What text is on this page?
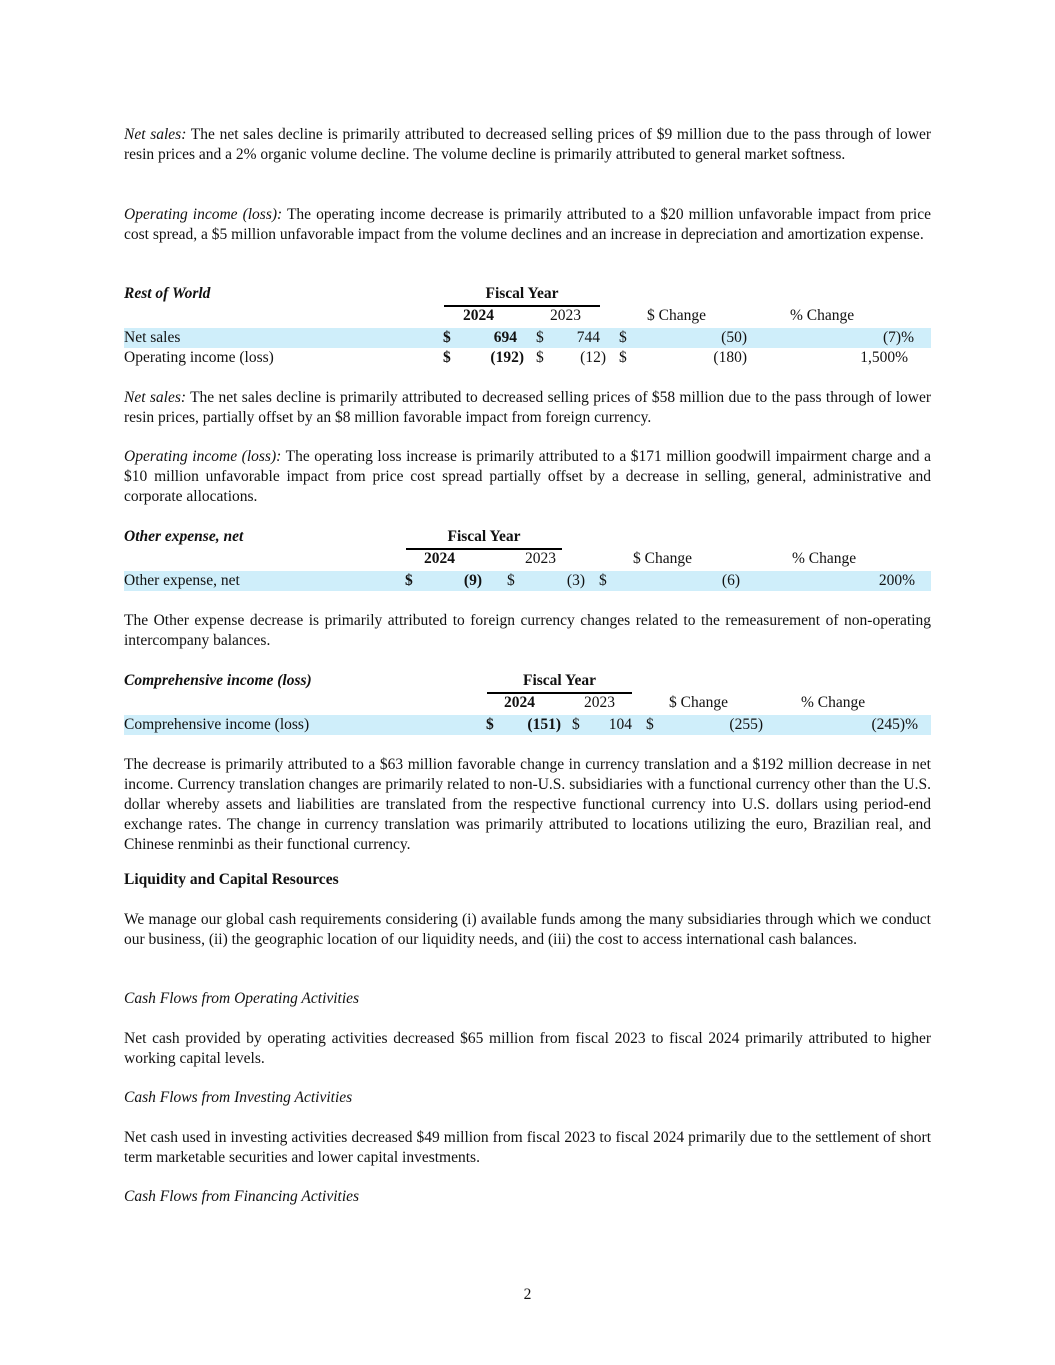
Net sales: The net sales decline is primarily attributed to decreased selling prices of $9 million due to the pass through of lower resin prices and a 2% organic volume decline. The volume decline is primarily attributed to general market softness.
Operating income (loss): The operating income decrease is primarily attributed to a $20 million unfavorable impact from price cost spread, a $5 million unfavorable impact from the volume declines and an increase in depreciation and amortization expense.
Rest of World	Fiscal Year
2024	2023	$ Change	% Change
Net sales	$	694 $	744 $	(50)	(7)%
Operating income (loss)	$	(192) $	(12) $	(180)	1,500%
Net sales: The net sales decline is primarily attributed to decreased selling prices of $58 million due to the pass through of lower resin prices, partially offset by an $8 million favorable impact from foreign currency.
Operating income (loss): The operating loss increase is primarily attributed to a $171 million goodwill impairment charge and a $10 million unfavorable impact from price cost spread partially offset by a decrease in selling, general, administrative and corporate allocations.
Other expense, net	Fiscal Year
2024	2023	$ Change	% Change
Other expense, net	$	(9) $	(3) $	(6)	200%
The Other expense decrease is primarily attributed to foreign currency changes related to the remeasurement of non-operating intercompany balances.
Comprehensive income (loss)	Fiscal Year
2024	2023	$ Change	% Change
Comprehensive income (loss)	$	(151) $	104 $	(255)	(245)%
The decrease is primarily attributed to a $63 million favorable change in currency translation and a $192 million decrease in net income. Currency translation changes are primarily related to non-U.S. subsidiaries with a functional currency other than the U.S. dollar whereby assets and liabilities are translated from the respective functional currency into U.S. dollars using period-end exchange rates. The change in currency translation was primarily attributed to locations utilizing the euro, Brazilian real, and Chinese renminbi as their functional currency.
Liquidity and Capital Resources
We manage our global cash requirements considering (i) available funds among the many subsidiaries through which we conduct our business, (ii) the geographic location of our liquidity needs, and (iii) the cost to access international cash balances.
Cash Flows from Operating Activities
Net cash provided by operating activities decreased $65 million from fiscal 2023 to fiscal 2024 primarily attributed to higher working capital levels.
Cash Flows from Investing Activities
Net cash used in investing activities decreased $49 million from fiscal 2023 to fiscal 2024 primarily due to the settlement of short term marketable securities and lower capital investments.
Cash Flows from Financing Activities
2
